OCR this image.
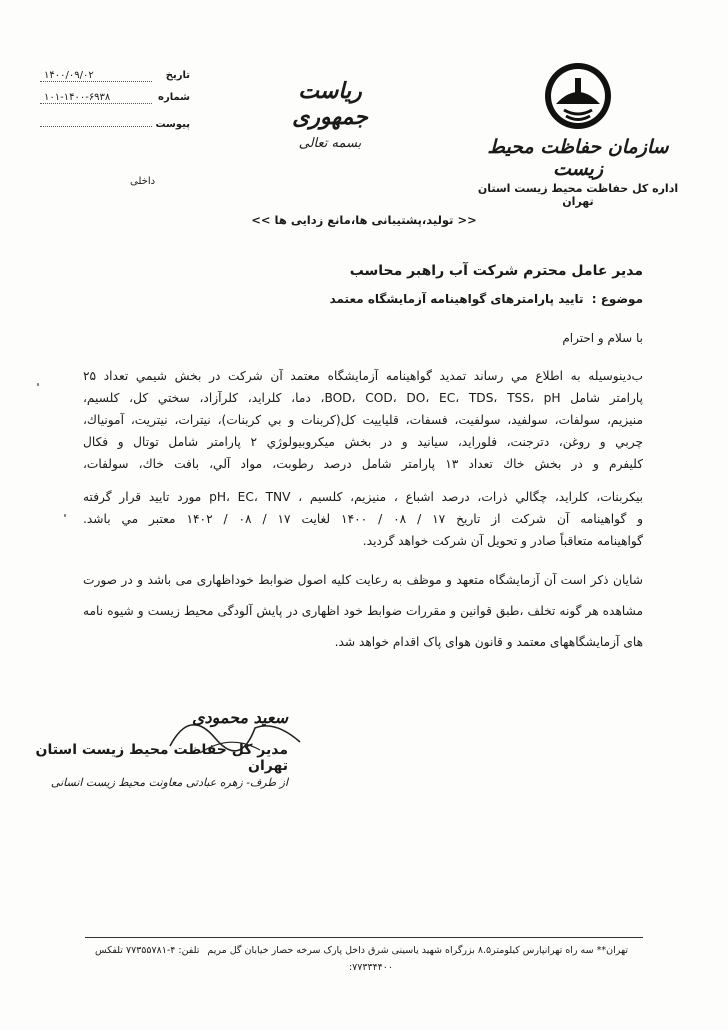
سازمان حفاظت محیط زیست
اداره کل حفاظت محیط زیست استان تهران
ریاست جمهوری
بسمه تعالی
تاریخ
۱۴۰۰/۰۹/۰۲
شماره
۱۰۱-۱۴۰۰-۶۹۳۸
پیوست
داخلی
<< تولید،پشتیبانی ها،مانع زدایی ها >>
مدیر عامل محترم شرکت آب راهبر محاسب
موضوع : تایید پارامترهای گواهینامه آزمایشگاه معتمد
با سلام و احترام
ب‌دینوسیله به اطلاع مي رساند تمدید گواهینامه آزمایشگاه معتمد آن شرکت در بخش شیمي تعداد ۲۵
پارامتر شامل BOD، COD، DO، EC، TDS، TSS، pH، دما، کلراید، کلرآزاد، سختي کل، کلسیم،
منیزیم، سولفات، سولفید، سولفیت، فسفات، قلیاییت کل(کربنات و بي کربنات)، نیترات، نیتریت، آمونیاك،
چربي و روغن، دترجنت، فلوراید، سیانید و در بخش میکروبیولوژي ۲ پارامتر شامل توتال و فکال
کلیفرم و در بخش خاك تعداد ۱۳ پارامتر شامل درصد رطوبت، مواد آلي، بافت خاك، سولفات،
بیکربنات، کلراید، چگالي ذرات، درصد اشباع ، منیزیم، کلسیم ، pH، EC، TNV مورد تایید قرار گرفته
و گواهینامه آن شرکت از تاریخ ۱۷ / ۰۸ / ۱۴۰۰ لغایت ۱۷ / ۰۸ / ۱۴۰۲ معتبر مي باشد.
گواهینامه متعاقباً صادر و تحویل آن شرکت خواهد گردید.
شایان ذکر است آن آزمایشگاه متعهد و موظف به رعایت کلیه اصول ضوابط خوداظهاری می باشد و در صورت
مشاهده هر گونه تخلف ،طبق قوانین و مقررات ضوابط خود اظهاری در پایش آلودگی محیط زیست و شیوه نامه
های آزمایشگاههای معتمد و قانون هوای پاک اقدام خواهد شد.
سعید محمودی
مدیر کل حفاظت محیط زیست استان تهران
از طرف- زهره عبادتی معاونت محیط زیست انسانی
تهران** سه راه تهرانپارس کیلومتر۸.۵ بزرگراه شهید یاسینی شرق داخل پارک سرخه حصار خیابان گل مریم
۷۷۳۳۴۴۰۰:
تلفن: ۴-۷۷۳۵۵۷۸۱ تلفکس
